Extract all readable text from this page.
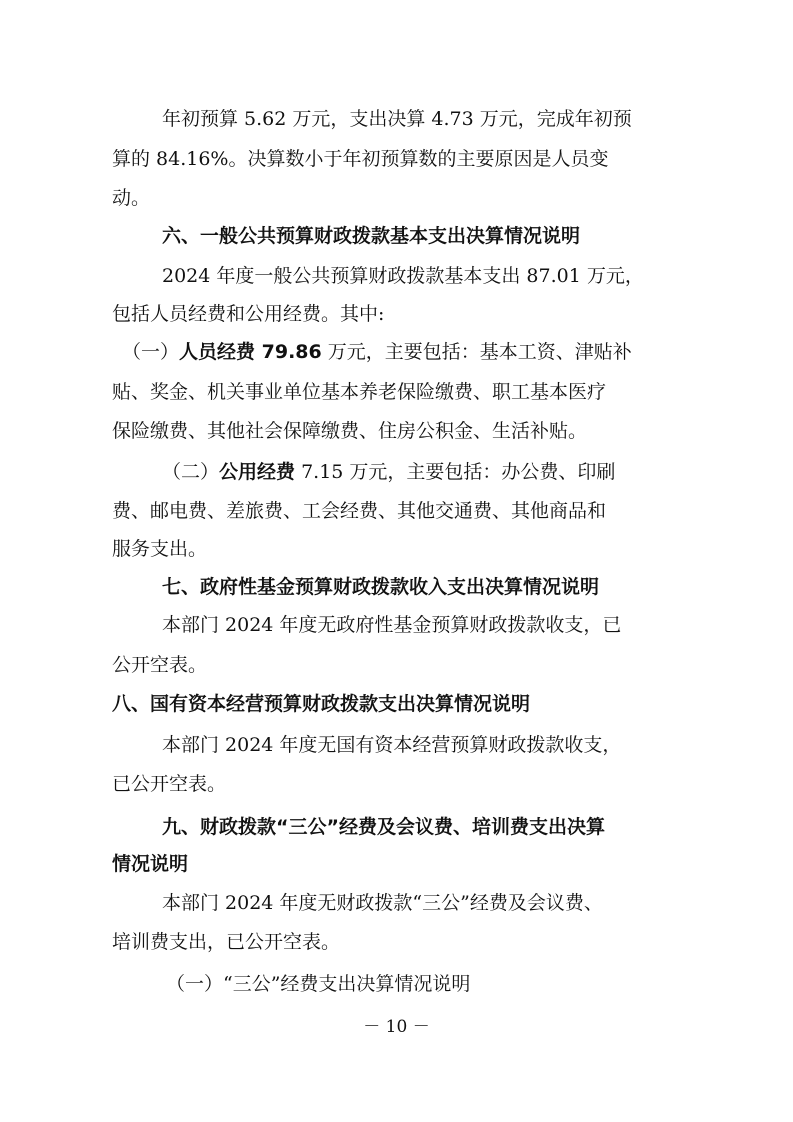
年初预算 5.62 万元，支出决算 4.73 万元，完成年初预
算的 84.16%。决算数小于年初预算数的主要原因是人员变
动。
六、一般公共预算财政拨款基本支出决算情况说明
2024 年度一般公共预算财政拨款基本支出 87.01 万元，
包括人员经费和公用经费。其中:
（一）人员经费 79.86 万元，主要包括：基本工资、津贴补
贴、奖金、机关事业单位基本养老保险缴费、职工基本医疗
保险缴费、其他社会保障缴费、住房公积金、生活补贴。
（二）公用经费 7.15 万元，主要包括：办公费、印刷
费、邮电费、差旅费、工会经费、其他交通费、其他商品和
服务支出。
七、政府性基金预算财政拨款收入支出决算情况说明
本部门 2024 年度无政府性基金预算财政拨款收支，已
公开空表。
八、国有资本经营预算财政拨款支出决算情况说明
本部门 2024 年度无国有资本经营预算财政拨款收支，
已公开空表。
九、财政拨款“三公”经费及会议费、培训费支出决算
情况说明
本部门 2024 年度无财政拨款“三公”经费及会议费、
培训费支出，已公开空表。
（一）“三公”经费支出决算情况说明
－ 10 －
